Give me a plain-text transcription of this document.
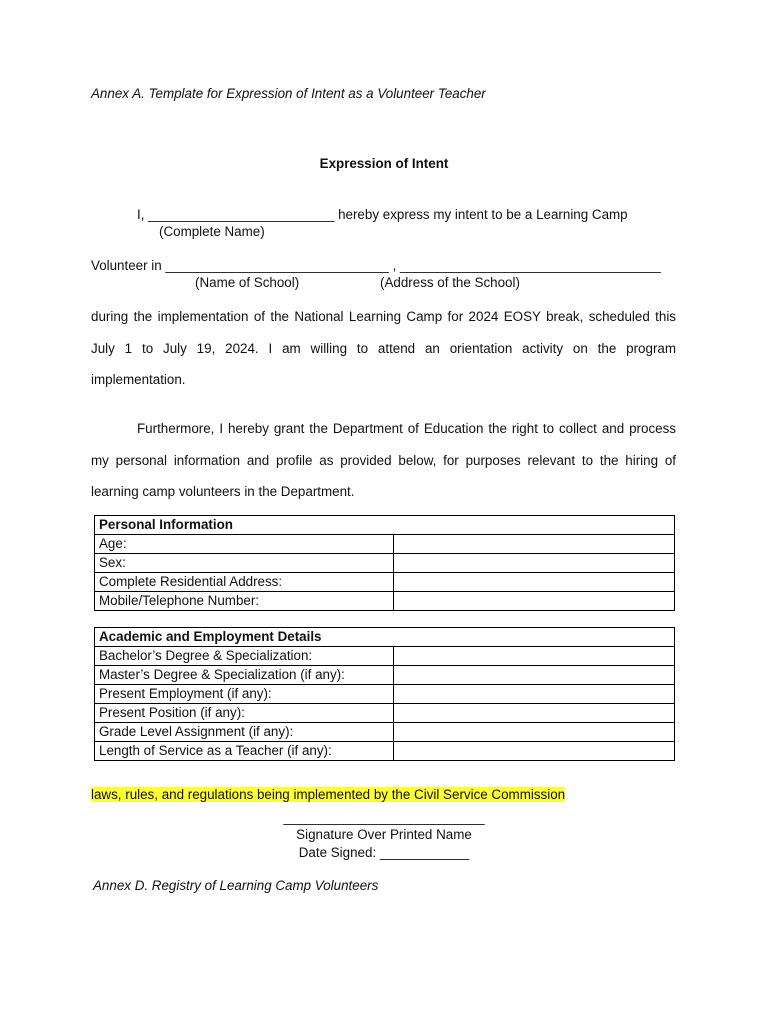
Annex A. Template for Expression of Intent as a Volunteer Teacher
Expression of Intent
I, _________________________ hereby express my intent to be a Learning Camp
(Complete Name)
Volunteer in ______________________________ , ___________________________________
(Name of School)	(Address of the School)
during the implementation of the National Learning Camp for 2024 EOSY break, scheduled this July 1 to July 19, 2024. I am willing to attend an orientation activity on the program implementation.
Furthermore, I hereby grant the Department of Education the right to collect and process my personal information and profile as provided below, for purposes relevant to the hiring of learning camp volunteers in the Department.
Personal Information	
Age:	
Sex:	
Complete Residential Address:	
Mobile/Telephone Number:	
Academic and Employment Details	
Bachelor’s Degree & Specialization:	
Master’s Degree & Specialization (if any):	
Present Employment (if any):	
Present Position (if any):	
Grade Level Assignment (if any):	
Length of Service as a Teacher (if any):	
laws, rules, and regulations being implemented by the Civil Service Commission
___________________________
Signature Over Printed Name
Date Signed: ____________
Annex D. Registry of Learning Camp Volunteers
